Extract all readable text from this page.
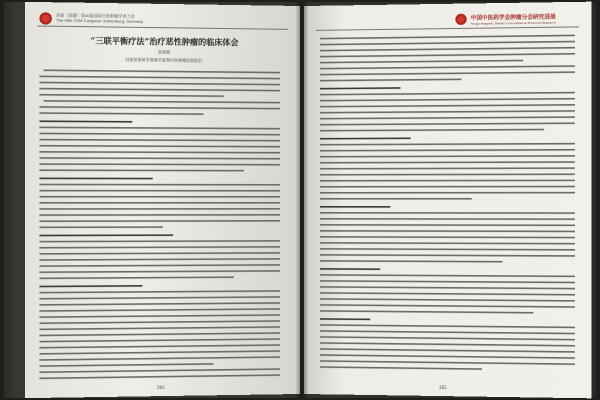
首届（国潘）第40届国际中医肿瘤学术大会
The 40th TCM Congress Gothenburg, Germany
“三联平衡疗法”治疗恶性肿瘤的临床体会
袁昶福
河南省郑州市郑州市第郑中医肿瘤医院院长
280
中国中医药学会肿瘤分会研究进展
Tongji Hospital, Family Committee & Province Research
281
